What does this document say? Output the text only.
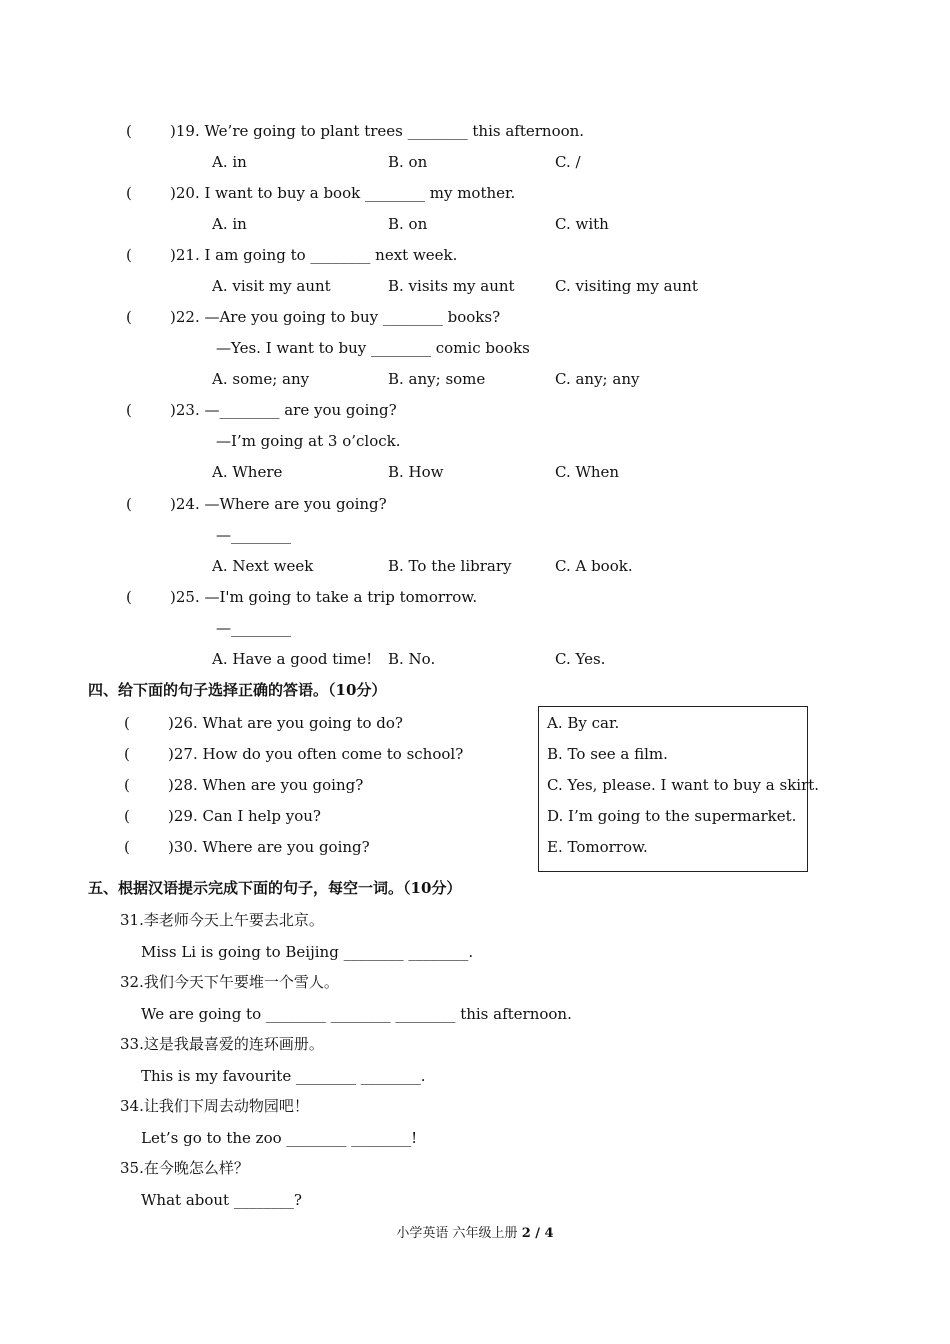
(	)19. We’re going to plant trees ________ this afternoon.
A. in	B. on	C. /
(	)20. I want to buy a book ________ my mother.
A. in	B. on	C. with
(	)21. I am going to ________ next week.
A. visit my aunt	B. visits my aunt	C. visiting my aunt
(	)22. —Are you going to buy ________ books?
—Yes. I want to buy ________ comic books
A. some; any	B. any; some	C. any; any
(	)23. —________ are you going?
—I’m going at 3 o’clock.
A. Where	B. How	C. When
(	)24. —Where are you going?
—________
A. Next week	B. To the library	C. A book.
(	)25. —I'm going to take a trip tomorrow.
—________
A. Have a good time! B. No.	C. Yes.
四、给下面的句子选择正确的答语。（10分）
(	)26. What are you going to do?
(	)27. How do you often come to school?
(	)28. When are you going?
(	)29. Can I help you?
(	)30. Where are you going?
A. By car.
B. To see a film.
C. Yes, please. I want to buy a skirt.
D. I’m going to the supermarket.
E. Tomorrow.
五、根据汉语提示完成下面的句子，每空一词。（10分）
31.李老师今天上午要去北京。
Miss Li is going to Beijing ________ ________.
32.我们今天下午要堆一个雪人。
We are going to ________ ________ ________ this afternoon.
33.这是我最喜爱的连环画册。
This is my favourite ________ ________.
34.让我们下周去动物园吧！
Let’s go to the zoo ________ ________!
35.在今晚怎么样？
What about ________?
小学英语 六年级上册 2 / 4
